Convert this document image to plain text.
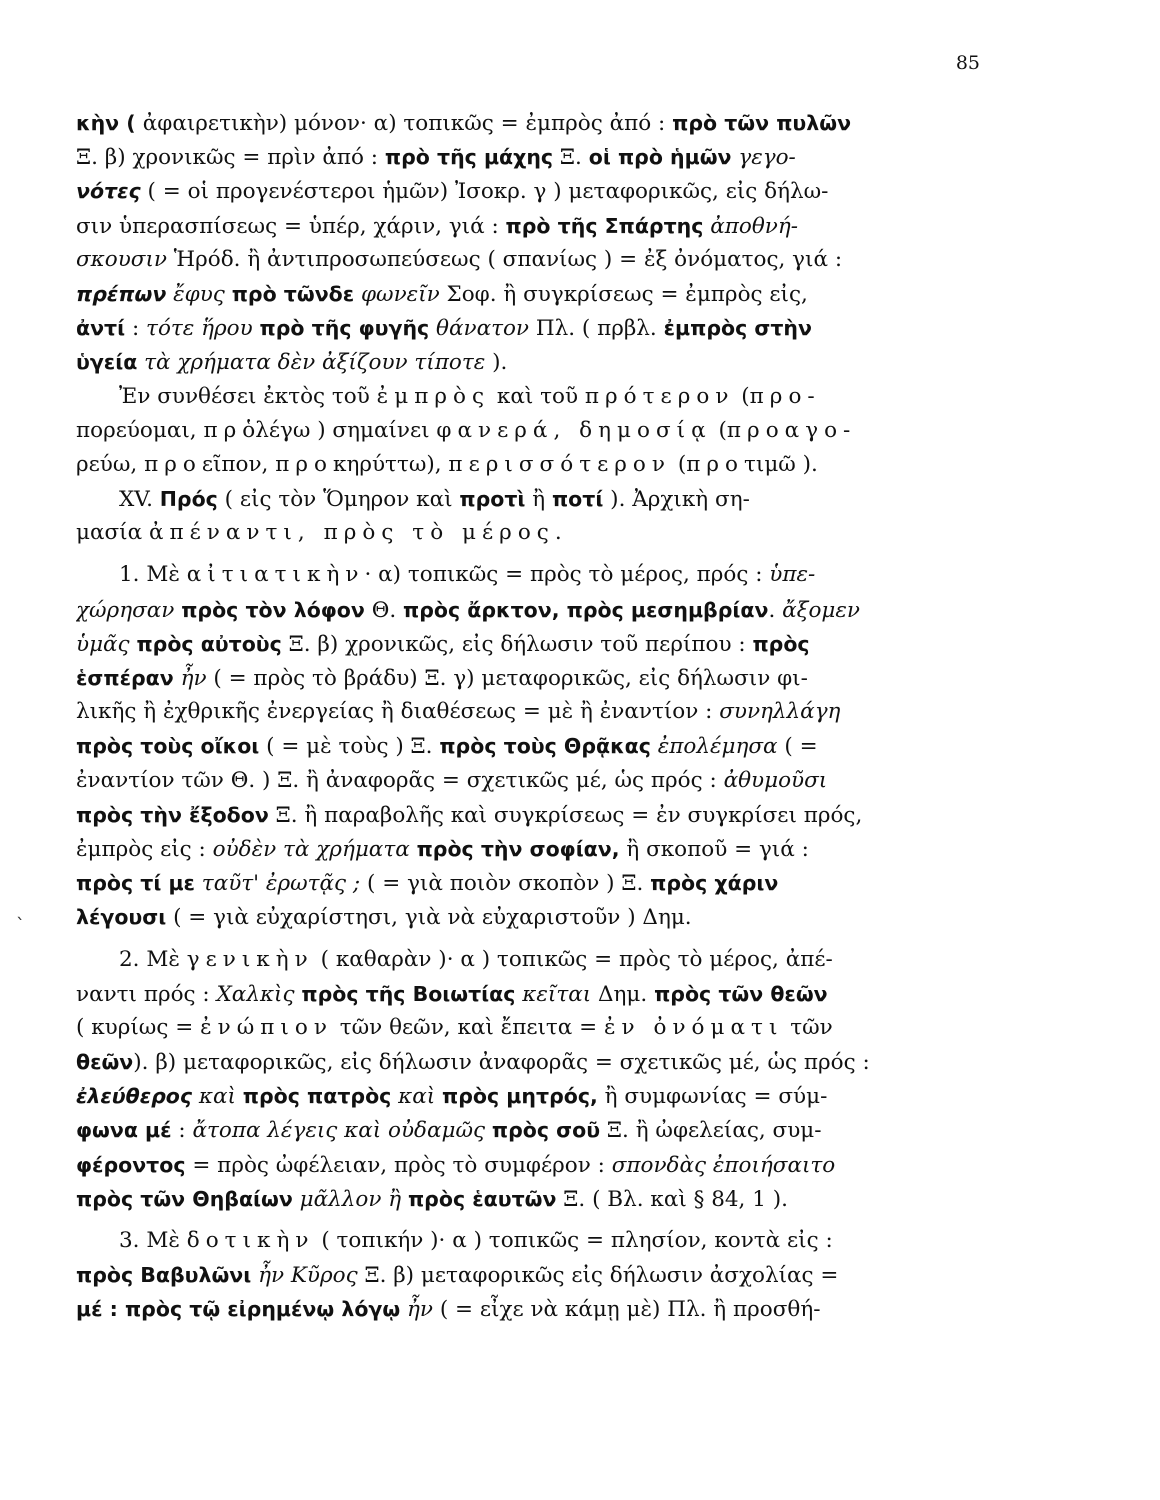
85
`
κὴν ( ἀφαιρετικὴν) μόνον· α) τοπικῶς = ἐμπρὸς ἀπό : πρὸ τῶν πυλῶν
Ξ. β) χρονικῶς = πρὶν ἀπό : πρὸ τῆς μάχης Ξ. οἱ πρὸ ἡμῶν γεγο-
νότες ( = οἱ προγενέστεροι ἡμῶν) Ἰσοκρ. γ ) μεταφορικῶς, εἰς δήλω-
σιν ὑπερασπίσεως = ὑπέρ, χάριν, γιά : πρὸ τῆς Σπάρτης ἀποθνή-
σκουσιν Ἡρόδ. ἢ ἀντιπροσωπεύσεως ( σπανίως ) = ἐξ ὀνόματος, γιά :
πρέπων ἔφυς πρὸ τῶνδε φωνεῖν Σοφ. ἢ συγκρίσεως = ἐμπρὸς εἰς,
ἀντί : τότε ἥρου πρὸ τῆς φυγῆς θάνατον Πλ. ( πρβλ. ἐμπρὸς στὴν
ὑγεία τὰ χρήματα δὲν ἀξίζουν τίποτε ).
Ἐν συνθέσει ἐκτὸς τοῦ ἐμπρὸς καὶ τοῦ πρότερον (προ-
πορεύομαι, πρὁλέγω ) σημαίνει φανερά, δημοσίᾳ (προαγο-
ρεύω, προεῖπον, προκηρύττω), περισσότερον (προτιμῶ ).
XV. Πρός ( εἰς τὸν Ὅμηρον καὶ προτὶ ἢ ποτί ). Ἀρχικὴ ση-
μασία ἀπέναντι, πρὸς τὸ μέρος.
1. Μὲ αἰτιατικὴν· α) τοπικῶς = πρὸς τὸ μέρος, πρός : ὑπε-
χώρησαν πρὸς τὸν λόφον Θ. πρὸς ἄρκτον, πρὸς μεσημβρίαν. ἄξομεν
ὑμᾶς πρὸς αὐτοὺς Ξ. β) χρονικῶς, εἰς δήλωσιν τοῦ περίπου : πρὸς
ἑσπέραν ἦν ( = πρὸς τὸ βράδυ) Ξ. γ) μεταφορικῶς, εἰς δήλωσιν φι-
λικῆς ἢ ἐχθρικῆς ἐνεργείας ἢ διαθέσεως = μὲ ἢ ἐναντίον : συνηλλάγη
πρὸς τοὺς οἴκοι ( = μὲ τοὺς ) Ξ. πρὸς τοὺς Θρᾷκας ἐπολέμησα ( =
ἐναντίον τῶν Θ. ) Ξ. ἢ ἀναφορᾶς = σχετικῶς μέ, ὡς πρός : ἀθυμοῦσι
πρὸς τὴν ἔξοδον Ξ. ἢ παραβολῆς καὶ συγκρίσεως = ἐν συγκρίσει πρός,
ἐμπρὸς εἰς : οὐδὲν τὰ χρήματα πρὸς τὴν σοφίαν, ἢ σκοποῦ = γιά :
πρὸς τί με ταῦτ' ἐρωτᾷς ; ( = γιὰ ποιὸν σκοπὸν ) Ξ. πρὸς χάριν
λέγουσι ( = γιὰ εὐχαρίστησι, γιὰ νὰ εὐχαριστοῦν ) Δημ.
2. Μὲ γενικὴν ( καθαρὰν )· α ) τοπικῶς = πρὸς τὸ μέρος, ἀπέ-
ναντι πρός : Χαλκὶς πρὸς τῆς Βοιωτίας κεῖται Δημ. πρὸς τῶν θεῶν
( κυρίως = ἐνώπιον τῶν θεῶν, καὶ ἔπειτα = ἐν ὀνόματι τῶν
θεῶν). β) μεταφορικῶς, εἰς δήλωσιν ἀναφορᾶς = σχετικῶς μέ, ὡς πρός :
ἐλεύθερος καὶ πρὸς πατρὸς καὶ πρὸς μητρός, ἢ συμφωνίας = σύμ-
φωνα μέ : ἄτοπα λέγεις καὶ οὐδαμῶς πρὸς σοῦ Ξ. ἢ ὠφελείας, συμ-
φέροντος = πρὸς ὠφέλειαν, πρὸς τὸ συμφέρον : σπονδὰς ἐποιήσαιτο
πρὸς τῶν Θηβαίων μᾶλλον ἢ πρὸς ἑαυτῶν Ξ. ( Βλ. καὶ § 84, 1 ).
3. Μὲ δοτικὴν ( τοπικήν )· α ) τοπικῶς = πλησίον, κοντὰ εἰς :
πρὸς Βαβυλῶνι ἦν Κῦρος Ξ. β) μεταφορικῶς εἰς δήλωσιν ἀσχολίας =
μέ : πρὸς τῷ εἰρημένῳ λόγῳ ἦν ( = εἶχε νὰ κάμῃ μὲ) Πλ. ἢ προσθή-
